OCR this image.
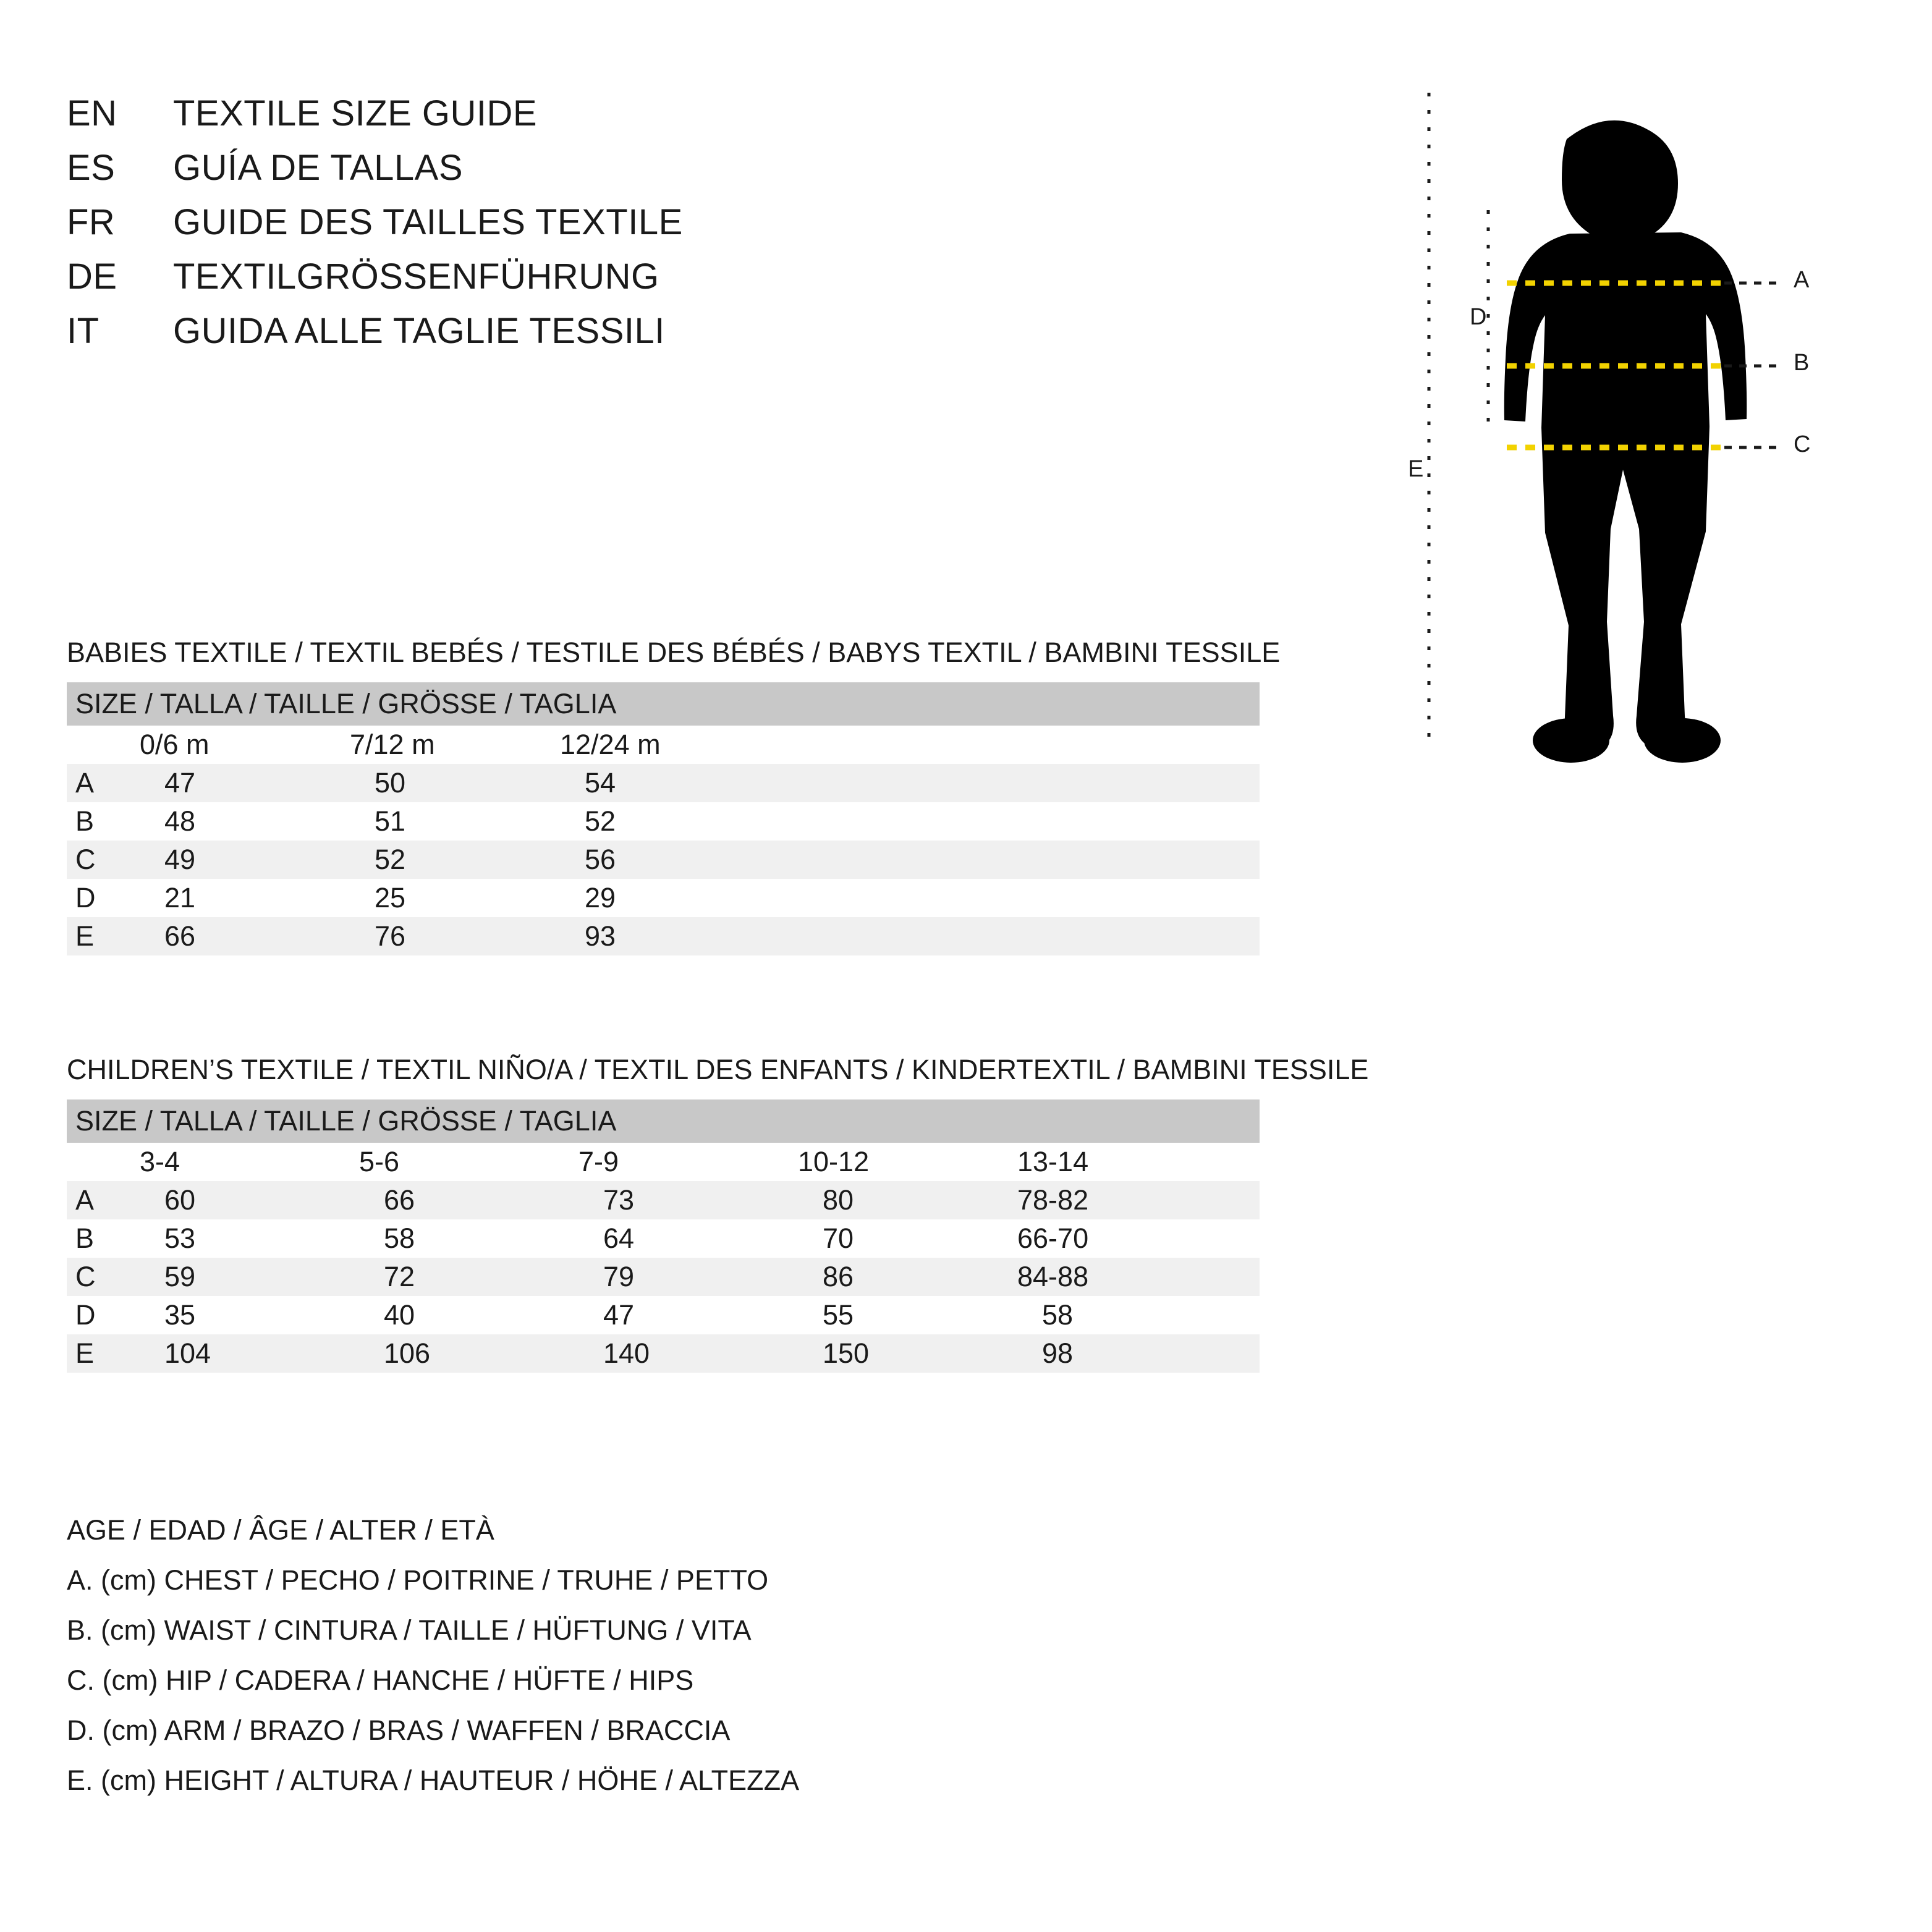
EN	TEXTILE SIZE GUIDE
ES	GUÍA DE TALLAS
FR	GUIDE DES TAILLES TEXTILE
DE	TEXTILGRÖSSENFÜHRUNG
IT	GUIDA ALLE TAGLIE TESSILI
A
B
C
D
E
BABIES TEXTILE / TEXTIL BEBÉS / TESTILE DES BÉBÉS / BABYS TEXTIL / BAMBINI TESSILE
SIZE / TALLA / TAILLE / GRÖSSE / TAGLIA				
	0/6 m	7/12 m	12/24 m	
A	47	50	54	
B	48	51	52	
C	49	52	56	
D	21	25	29	
E	66	76	93	
CHILDREN’S TEXTILE / TEXTIL NIÑO/A / TEXTIL DES ENFANTS / KINDERTEXTIL / BAMBINI TESSILE
SIZE / TALLA / TAILLE / GRÖSSE / TAGLIA					
	3-4	5-6	7-9	10-12	13-14
A	60	66	73	80	78-82
B	53	58	64	70	66-70
C	59	72	79	86	84-88
D	35	40	47	55	58
E	104	106	140	150	98
AGE / EDAD / ÂGE / ALTER / ETÀ
A. (cm) CHEST / PECHO / POITRINE / TRUHE / PETTO
B. (cm) WAIST / CINTURA / TAILLE / HÜFTUNG / VITA
C. (cm) HIP / CADERA / HANCHE / HÜFTE / HIPS
D. (cm) ARM / BRAZO / BRAS / WAFFEN / BRACCIA
E. (cm) HEIGHT / ALTURA / HAUTEUR / HÖHE / ALTEZZA
